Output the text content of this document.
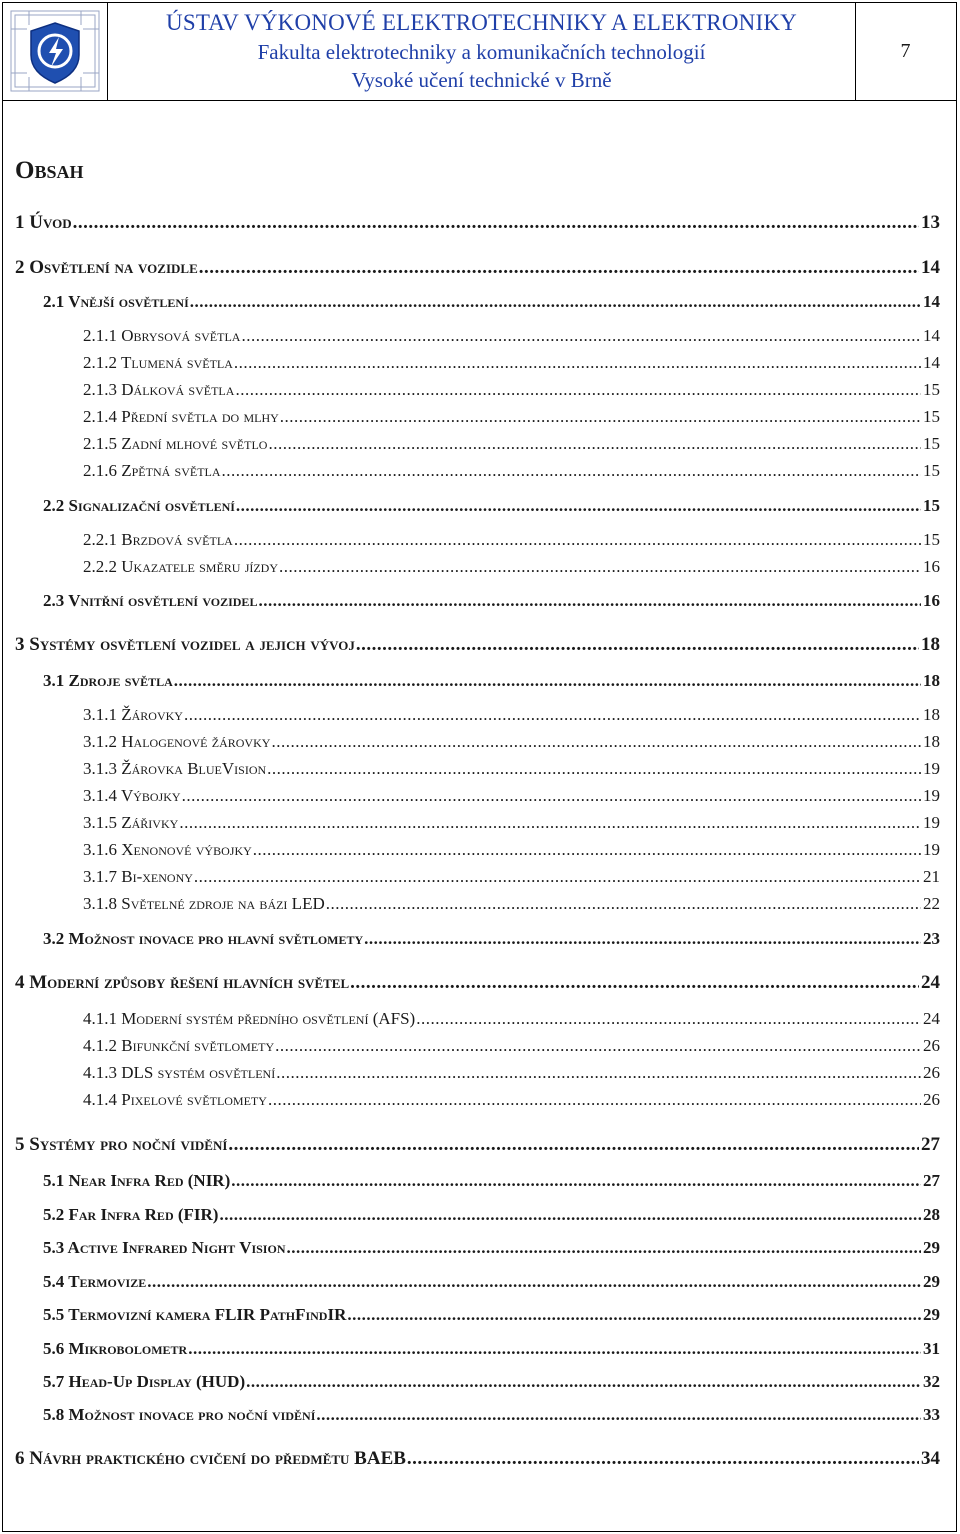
ÚSTAV VÝKONOVÉ ELEKTROTECHNIKY A ELEKTRONIKY
Fakulta elektrotechniky a komunikačních technologií
Vysoké učení technické v Brně
7
Obsah
1 Úvod .....	13
2 Osvětlení na vozidle .....	14
2.1 Vnější osvětlení .....	14
2.1.1 Obrysová světla .....	14
2.1.2 Tlumená světla .....	14
2.1.3 Dálková světla .....	15
2.1.4 Přední světla do mlhy .....	15
2.1.5 Zadní mlhové světlo .....	15
2.1.6 Zpětná světla .....	15
2.2 Signalizační osvětlení .....	15
2.2.1 Brzdová světla .....	15
2.2.2 Ukazatele směru jízdy .....	16
2.3 Vnitřní osvětlení vozidel .....	16
3 Systémy osvětlení vozidel a jejich vývoj .....	18
3.1 Zdroje světla .....	18
3.1.1 Žárovky .....	18
3.1.2 Halogenové žárovky .....	18
3.1.3 Žárovka BlueVision .....	19
3.1.4 Výbojky .....	19
3.1.5 Zářivky .....	19
3.1.6 Xenonové výbojky .....	19
3.1.7 Bi-xenony .....	21
3.1.8 Světelné zdroje na bázi LED .....	22
3.2 Možnost inovace pro hlavní světlomety .....	23
4 Moderní způsoby řešení hlavních světel .....	24
4.1.1 Moderní systém předního osvětlení (AFS) .....	24
4.1.2 Bifunkční světlomety .....	26
4.1.3 DLS systém osvětlení .....	26
4.1.4 Pixelové světlomety .....	26
5 Systémy pro noční vidění .....	27
5.1 Near Infra Red (NIR) .....	27
5.2 Far Infra Red (FIR) .....	28
5.3 Active Infrared Night Vision .....	29
5.4 Termovize .....	29
5.5 Termovizní kamera FLIR PathFindIR .....	29
5.6 Mikrobolometr .....	31
5.7 Head-Up Display (HUD) .....	32
5.8 Možnost inovace pro noční vidění .....	33
6 Návrh praktického cvičení do předmětu BAEB .....	34
